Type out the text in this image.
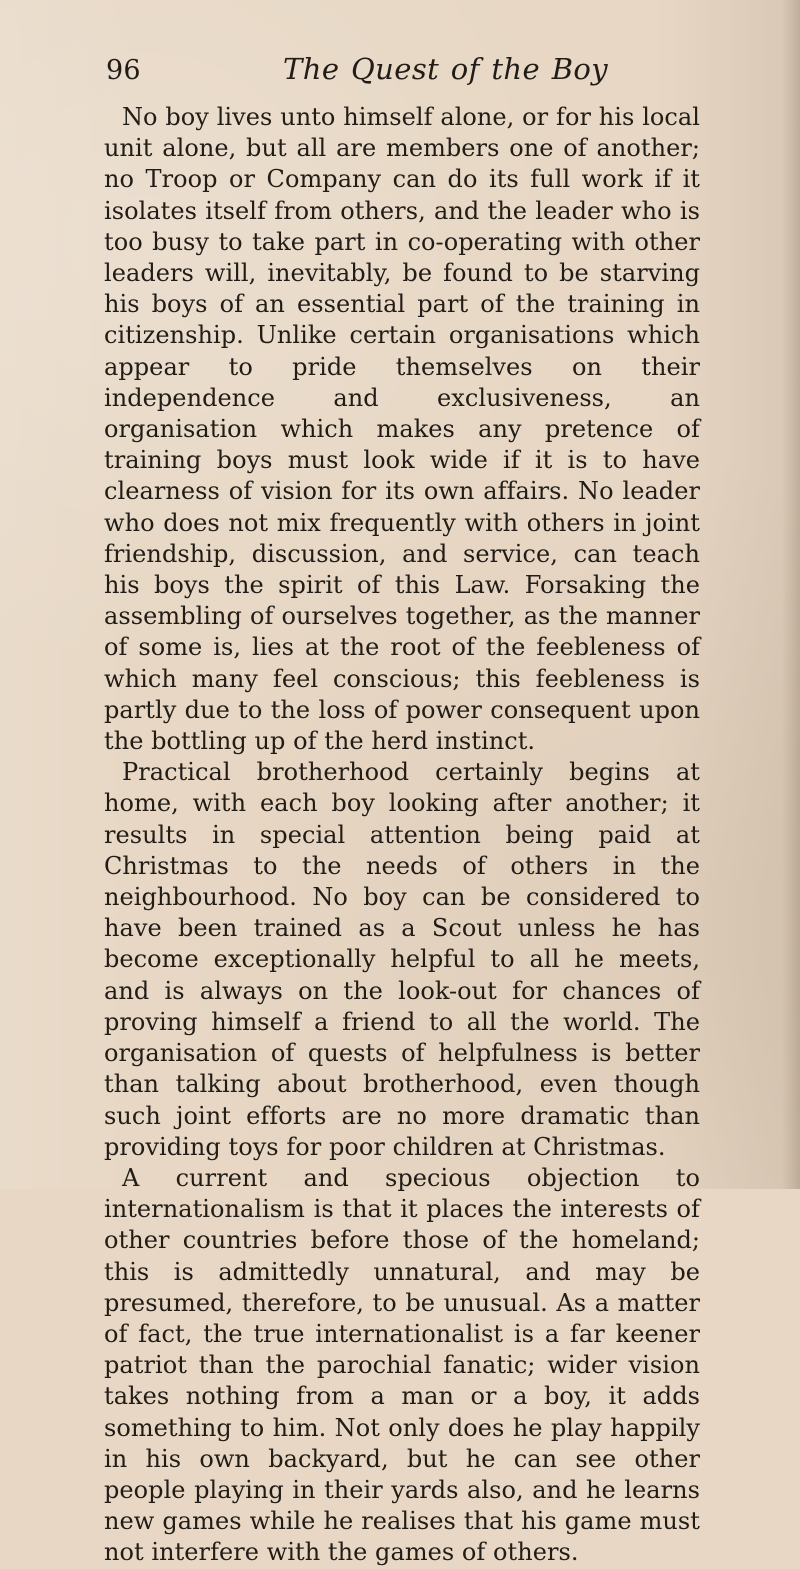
96	The Quest of the Boy

No boy lives unto himself alone, or for his local unit alone, but all are members one of another; no Troop or Company can do its full work if it isolates itself from others, and the leader who is too busy to take part in co-operating with other leaders will, inevitably, be found to be starving his boys of an essential part of the training in citizenship. Unlike certain organisations which appear to pride themselves on their independence and exclusiveness, an organisation which makes any pretence of training boys must look wide if it is to have clearness of vision for its own affairs. No leader who does not mix frequently with others in joint friendship, discussion, and service, can teach his boys the spirit of this Law. Forsaking the assembling of ourselves together, as the manner of some is, lies at the root of the feebleness of which many feel conscious; this feebleness is partly due to the loss of power consequent upon the bottling up of the herd instinct.

Practical brotherhood certainly begins at home, with each boy looking after another; it results in special attention being paid at Christmas to the needs of others in the neighbourhood. No boy can be considered to have been trained as a Scout unless he has become exceptionally helpful to all he meets, and is always on the look-out for chances of proving himself a friend to all the world. The organisation of quests of helpfulness is better than talking about brotherhood, even though such joint efforts are no more dramatic than providing toys for poor children at Christmas.

A current and specious objection to internationalism is that it places the interests of other countries before those of the homeland; this is admittedly unnatural, and may be presumed, therefore, to be unusual. As a matter of fact, the true internationalist is a far keener patriot than the parochial fanatic; wider vision takes nothing from a man or a boy, it adds something to him. Not only does he play happily in his own backyard, but he can see other people playing in their yards also, and he learns new games while he realises that his game must not interfere with the games of others.
